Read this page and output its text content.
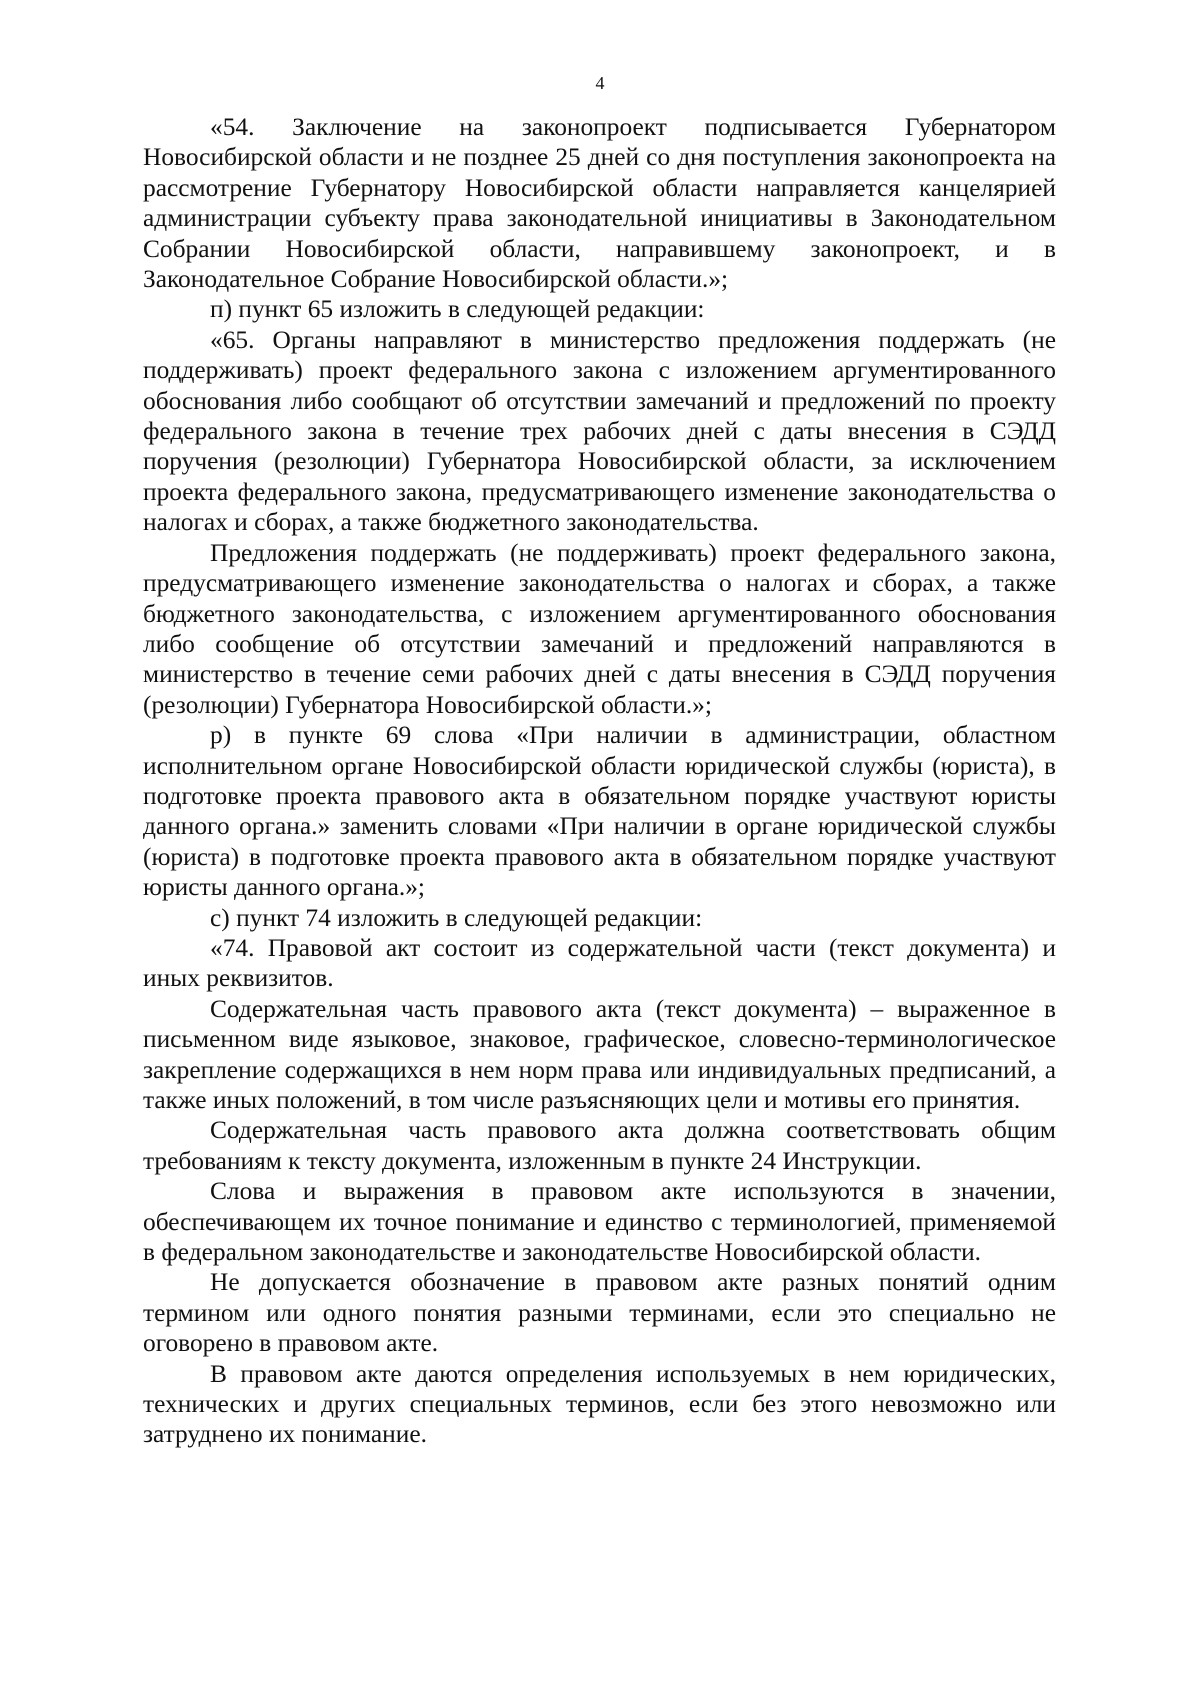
4

«54. Заключение на законопроект подписывается Губернатором Новосибирской области и не позднее 25 дней со дня поступления законопроекта на рассмотрение Губернатору Новосибирской области направляется канцелярией администрации субъекту права законодательной инициативы в Законодательном Собрании Новосибирской области, направившему законопроект, и в Законодательное Собрание Новосибирской области.»;

п) пункт 65 изложить в следующей редакции:

«65. Органы направляют в министерство предложения поддержать (не поддерживать) проект федерального закона с изложением аргументированного обоснования либо сообщают об отсутствии замечаний и предложений по проекту федерального закона в течение трех рабочих дней с даты внесения в СЭДД поручения (резолюции) Губернатора Новосибирской области, за исключением проекта федерального закона, предусматривающего изменение законодательства о налогах и сборах, а также бюджетного законодательства.

Предложения поддержать (не поддерживать) проект федерального закона, предусматривающего изменение законодательства о налогах и сборах, а также бюджетного законодательства, с изложением аргументированного обоснования либо сообщение об отсутствии замечаний и предложений направляются в министерство в течение семи рабочих дней с даты внесения в СЭДД поручения (резолюции) Губернатора Новосибирской области.»;

р) в пункте 69 слова «При наличии в администрации, областном исполнительном органе Новосибирской области юридической службы (юриста), в подготовке проекта правового акта в обязательном порядке участвуют юристы данного органа.» заменить словами «При наличии в органе юридической службы (юриста) в подготовке проекта правового акта в обязательном порядке участвуют юристы данного органа.»;

с) пункт 74 изложить в следующей редакции:

«74. Правовой акт состоит из содержательной части (текст документа) и иных реквизитов.

Содержательная часть правового акта (текст документа) – выраженное в письменном виде языковое, знаковое, графическое, словесно-терминологическое закрепление содержащихся в нем норм права или индивидуальных предписаний, а также иных положений, в том числе разъясняющих цели и мотивы его принятия.

Содержательная часть правового акта должна соответствовать общим требованиям к тексту документа, изложенным в пункте 24 Инструкции.

Слова и выражения в правовом акте используются в значении, обеспечивающем их точное понимание и единство с терминологией, применяемой в федеральном законодательстве и законодательстве Новосибирской области.

Не допускается обозначение в правовом акте разных понятий одним термином или одного понятия разными терминами, если это специально не оговорено в правовом акте.

В правовом акте даются определения используемых в нем юридических, технических и других специальных терминов, если без этого невозможно или затруднено их понимание.
